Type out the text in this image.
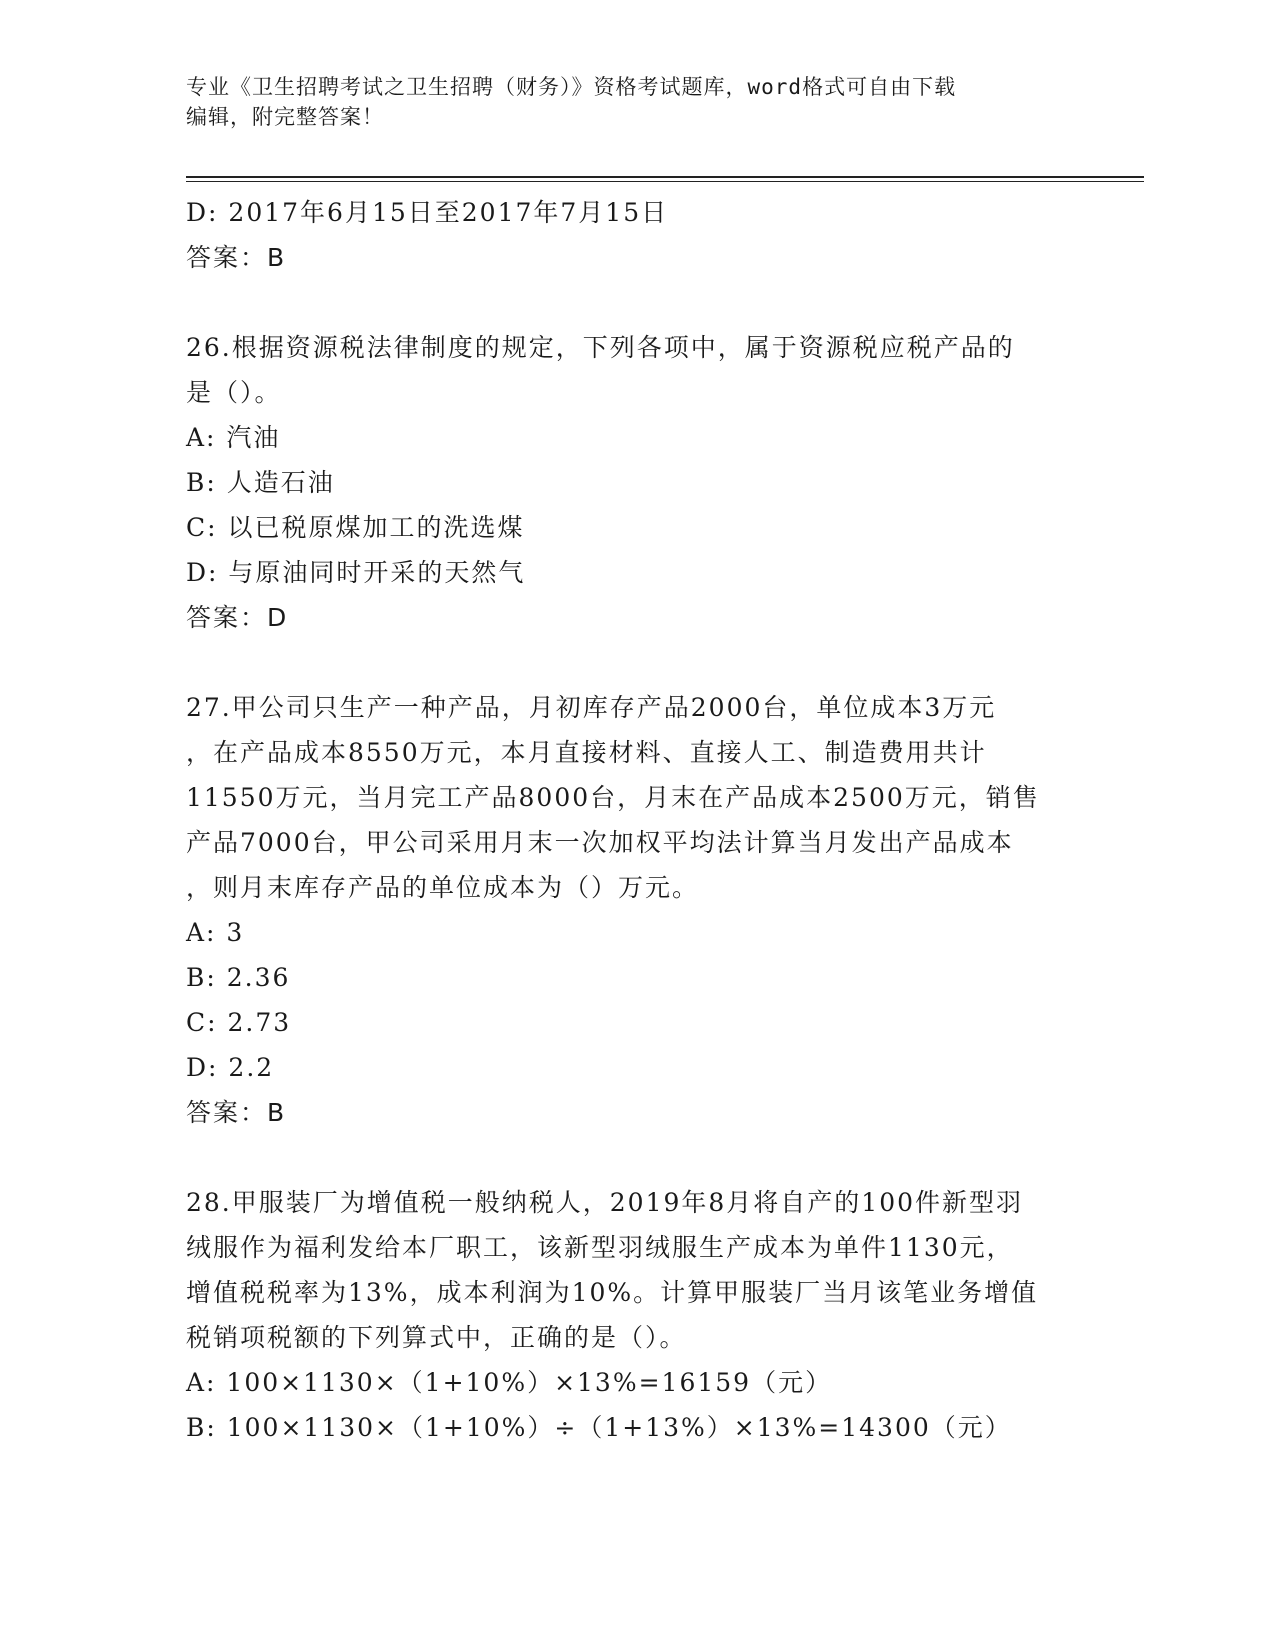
专业《卫生招聘考试之卫生招聘（财务）》资格考试题库，word格式可自由下载
编辑，附完整答案！
D: 2017年6月15日至2017年7月15日
答案：B
26.根据资源税法律制度的规定，下列各项中，属于资源税应税产品的
是（）。
A: 汽油
B: 人造石油
C: 以已税原煤加工的洗选煤
D: 与原油同时开采的天然气
答案：D
27.甲公司只生产一种产品，月初库存产品2000台，单位成本3万元
，在产品成本8550万元，本月直接材料、直接人工、制造费用共计
11550万元，当月完工产品8000台，月末在产品成本2500万元，销售
产品7000台，甲公司采用月末一次加权平均法计算当月发出产品成本
，则月末库存产品的单位成本为（）万元。
A: 3
B: 2.36
C: 2.73
D: 2.2
答案：B
28.甲服装厂为增值税一般纳税人，2019年8月将自产的100件新型羽
绒服作为福利发给本厂职工，该新型羽绒服生产成本为单件1130元，
增值税税率为13%，成本利润为10%。计算甲服装厂当月该笔业务增值
税销项税额的下列算式中，正确的是（）。
A: 100×1130×（1+10%）×13%=16159（元）
B: 100×1130×（1+10%）÷（1+13%）×13%=14300（元）
